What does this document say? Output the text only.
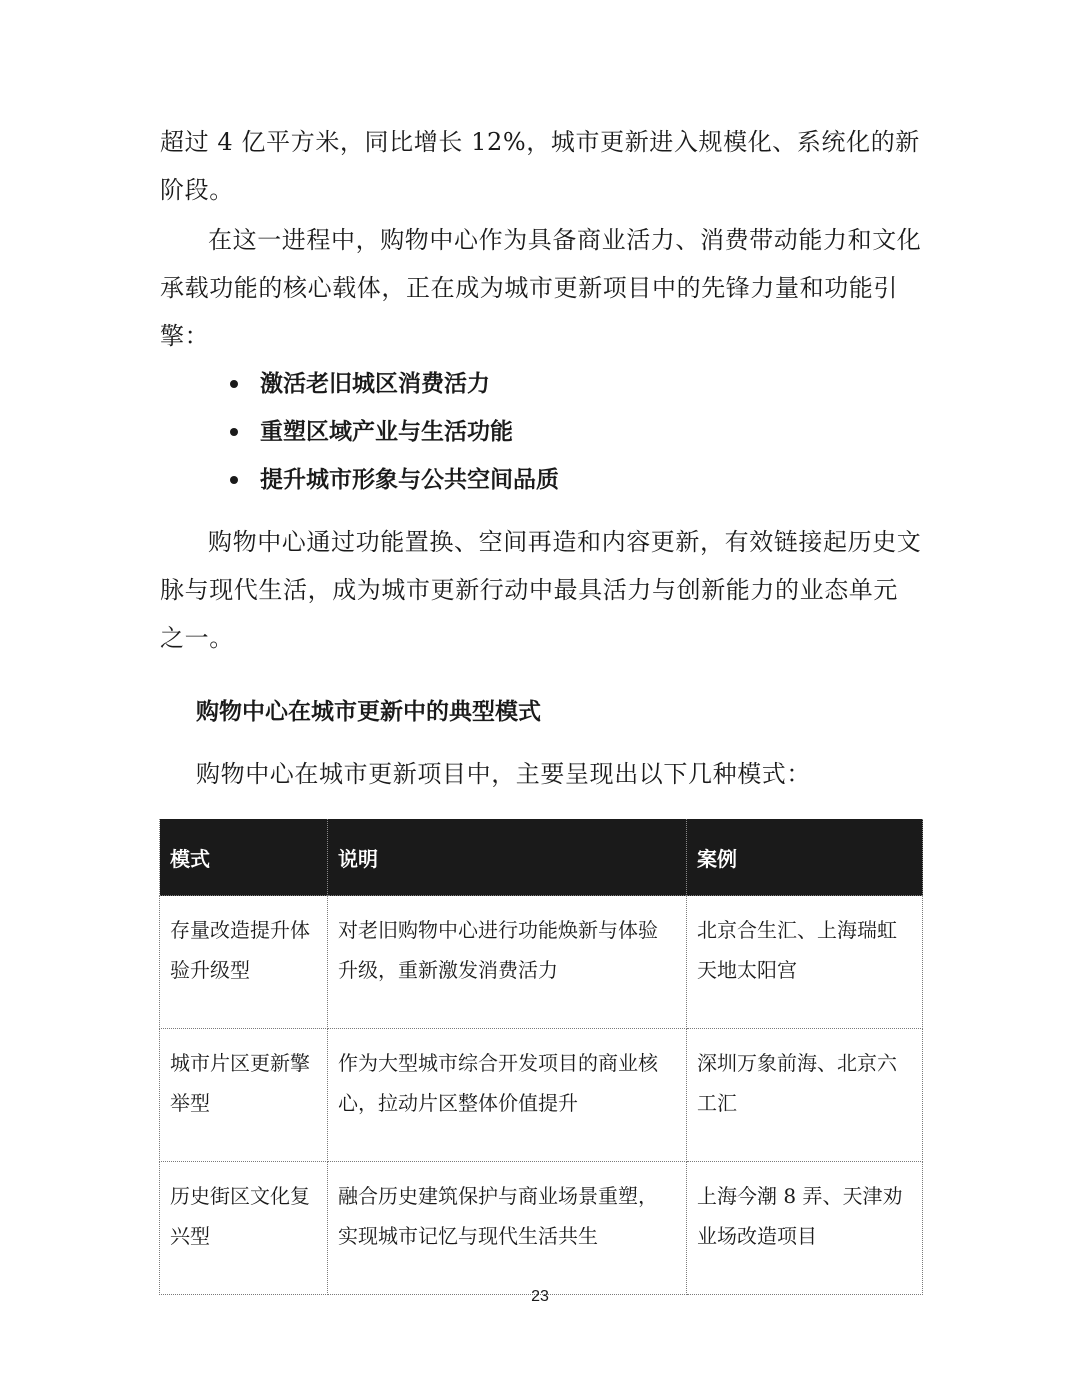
超过 4 亿平方米，同比增长 12%，城市更新进入规模化、系统化的新阶段。

在这一进程中，购物中心作为具备商业活力、消费带动能力和文化承载功能的核心载体，正在成为城市更新项目中的先锋力量和功能引擎：

激活老旧城区消费活力
重塑区域产业与生活功能
提升城市形象与公共空间品质

购物中心通过功能置换、空间再造和内容更新，有效链接起历史文脉与现代生活，成为城市更新行动中最具活力与创新能力的业态单元之一。

购物中心在城市更新中的典型模式

购物中心在城市更新项目中，主要呈现出以下几种模式：

模式	说明	案例
存量改造提升体验升级型	对老旧购物中心进行功能焕新与体验升级，重新激发消费活力	北京合生汇、上海瑞虹天地太阳宫
城市片区更新擎举型	作为大型城市综合开发项目的商业核心，拉动片区整体价值提升	深圳万象前海、北京六工汇
历史街区文化复兴型	融合历史建筑保护与商业场景重塑，实现城市记忆与现代生活共生	上海今潮 8 弄、天津劝业场改造项目
23
